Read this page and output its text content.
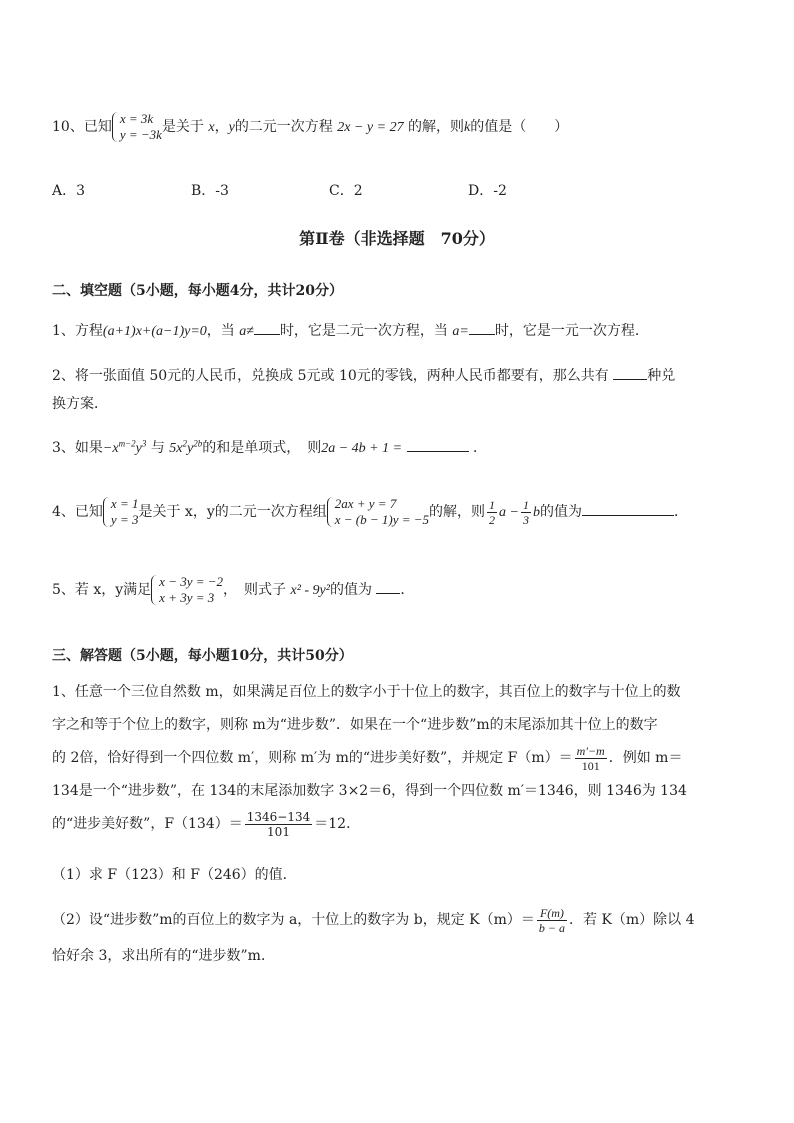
10、已知
x = 3k
y = −3k 是关于 x，y的二元一次方程 2x − y = 27 的解，则k的值是（　　）
A．3	B．-3	C．2	D．-2
第Ⅱ卷（非选择题　70分）
二、填空题（5小题，每小题4分，共计20分）
1、方程(a+1)x+(a−1)y=0，当 a≠ 时，它是二元一次方程，当 a= 时，它是一元一次方程．
2、将一张面值 50元的人民币，兑换成 5元或 10元的零钱，两种人民币都要有，那么共有	种兑
换方案．
3、如果$-x^{m-2}y^3$ 与 $5x^2y^{2b}$的和是单项式，　则2a − 4b + 1 =	．
4、已知
x = 1
y = 3 是关于 x，y的二元一次方程组
2ax + y = 7
x − (b − 1)y = −5 的解，则 $\frac{1}{2}$ $a - \frac{1}{3}$ b的值为	．
5、若 x，y满足
x − 3y = −2
x + 3y = 3 ，　则式子 x² - 9y²的值为 ．
三、解答题（5小题，每小题10分，共计50分）
1、任意一个三位自然数 m，如果满足百位上的数字小于十位上的数字，其百位上的数字与十位上的数
字之和等于个位上的数字，则称 m为“进步数”．如果在一个“进步数”m的末尾添加其十位上的数字
的 2倍，恰好得到一个四位数 m′，则称 m′为 m的“进步美好数”，并规定 $F(m)= \frac{m'-m}{101}$ ．例如 m＝
134是一个“进步数”，在 134的末尾添加数字 3×2＝6，得到一个四位数 m′＝1346，则 1346为 134
的“进步美好数”，$F(134)= \frac{1346-134}{101} =12$．
（1）求 F（123）和 F（246）的值．
（2）设“进步数”m的百位上的数字为 a，十位上的数字为 b，规定 $K(m)= \frac{F(m)}{b - a}$ ．若 K（m）除以 4
恰好余 3，求出所有的“进步数”m．
